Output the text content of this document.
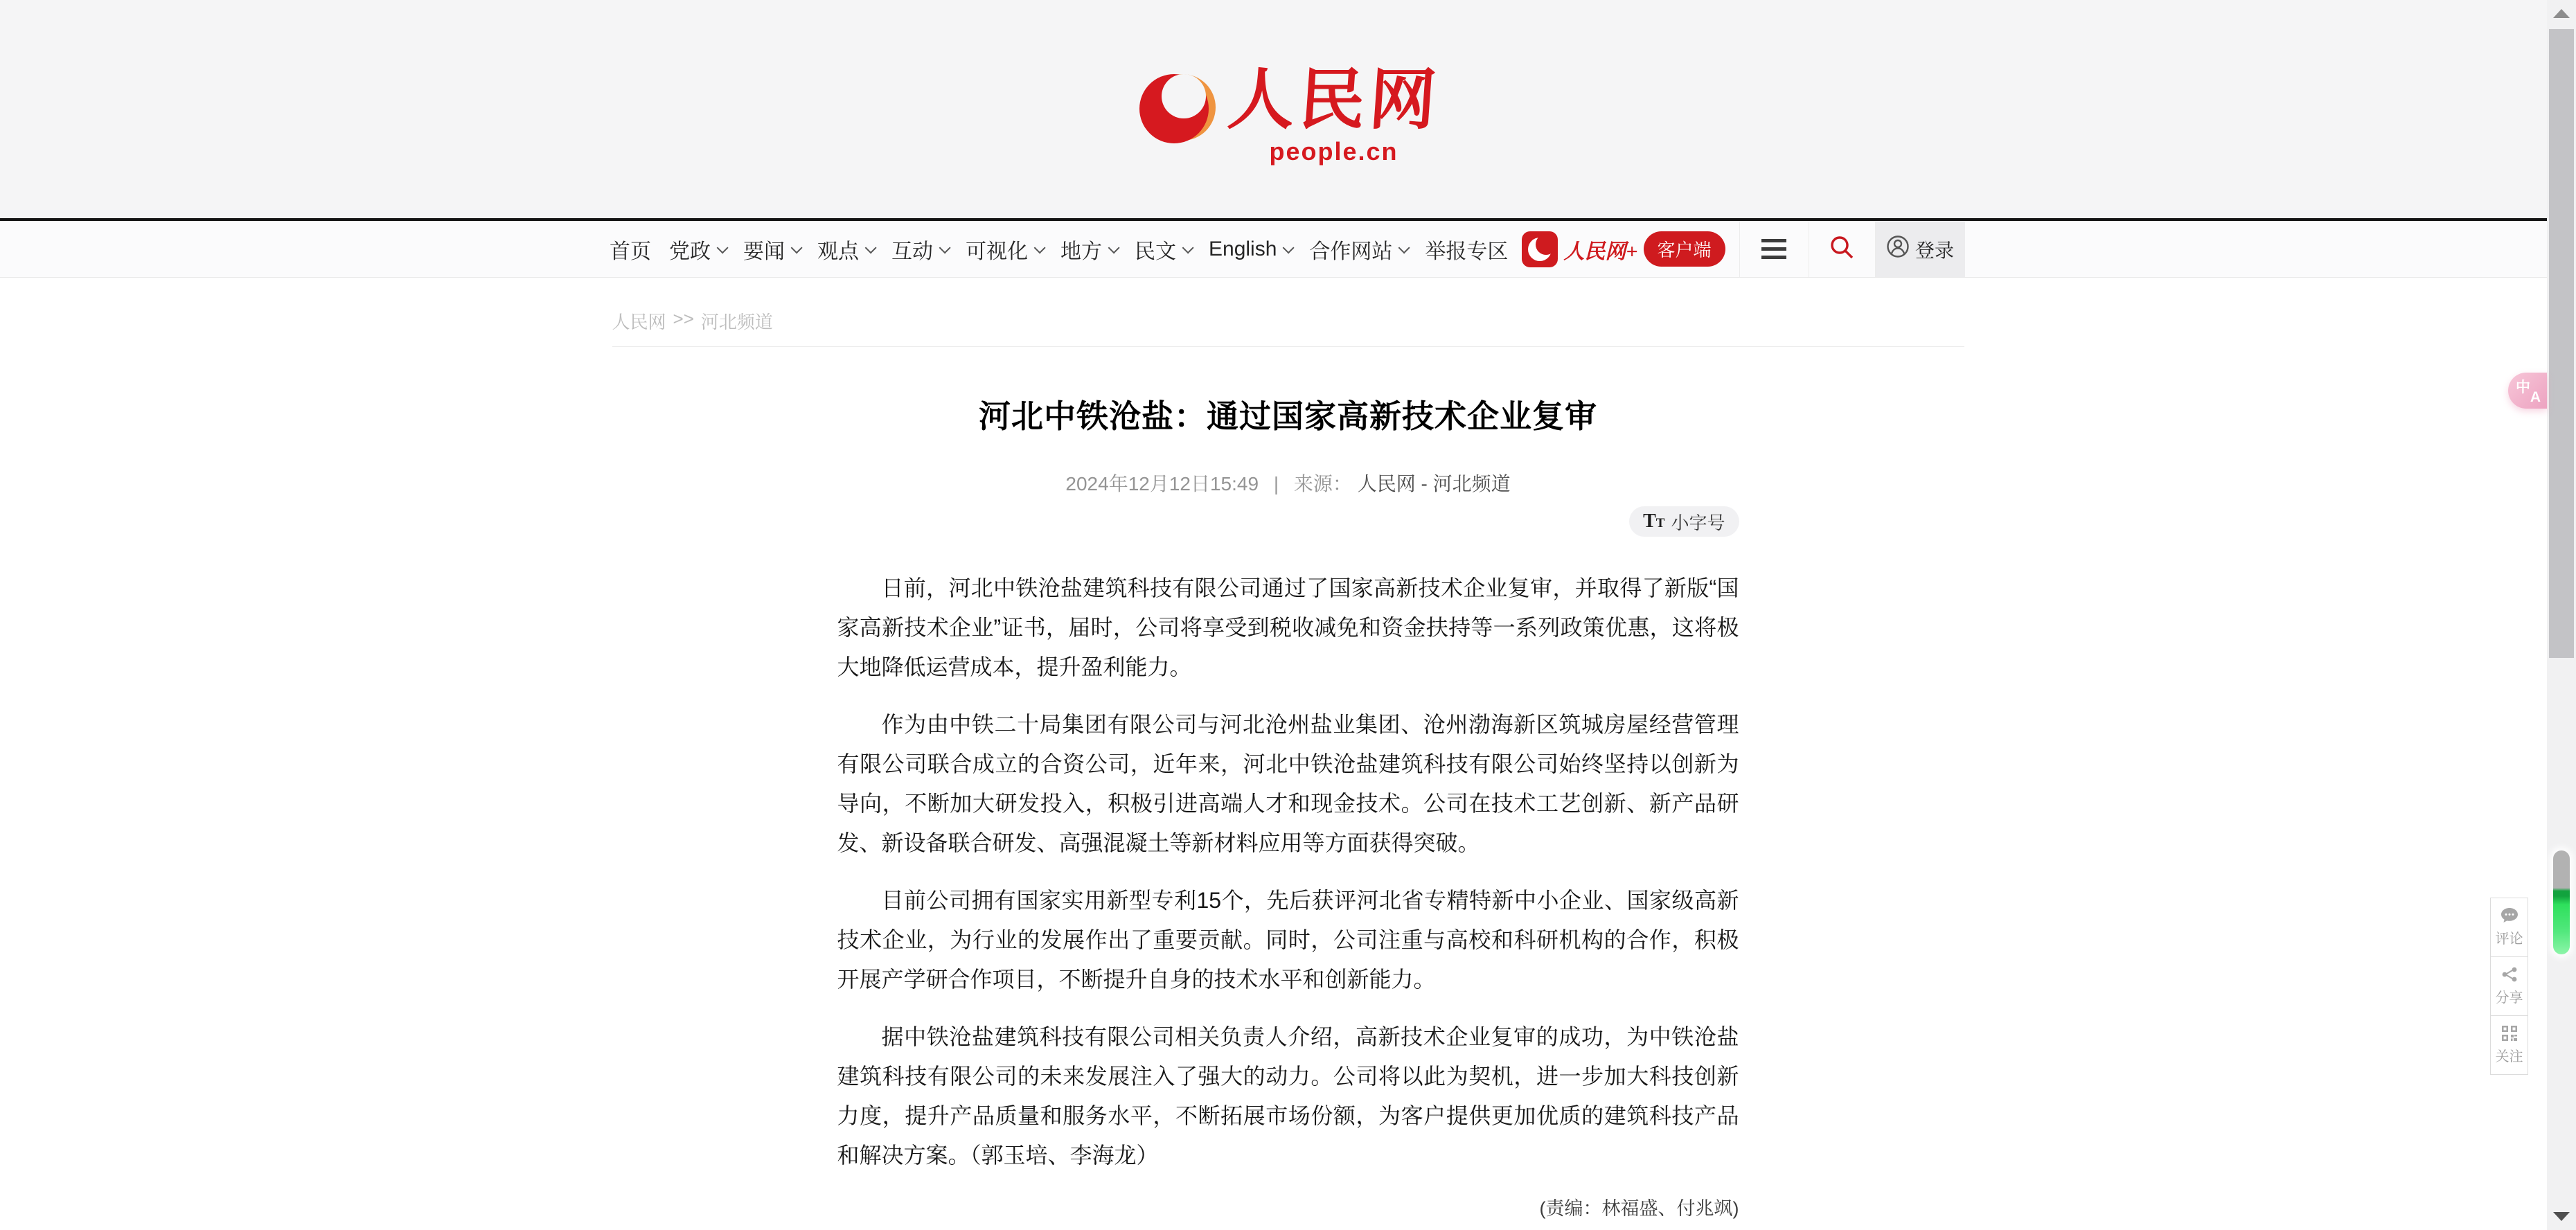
人民网
people.cn
首页 党政 要闻 观点 互动 可视化 地方 民文 English 合作网站 举报专区	人民网+	客户端	登录
人民网 >> 河北频道
河北中铁沧盐：通过国家高新技术企业复审
2024年12月12日15:49 | 来源： 人民网 - 河北频道
T T 小字号

日前，河北中铁沧盐建筑科技有限公司通过了国家高新技术企业复审，并取得了新版“国家高新技术企业”证书，届时，公司将享受到税收减免和资金扶持等一系列政策优惠，这将极大地降低运营成本，提升盈利能力。

作为由中铁二十局集团有限公司与河北沧州盐业集团、沧州渤海新区筑城房屋经营管理有限公司联合成立的合资公司，近年来，河北中铁沧盐建筑科技有限公司始终坚持以创新为导向，不断加大研发投入，积极引进高端人才和现金技术。公司在技术工艺创新、新产品研发、新设备联合研发、高强混凝土等新材料应用等方面获得突破。

目前公司拥有国家实用新型专利15个，先后获评河北省专精特新中小企业、国家级高新技术企业，为行业的发展作出了重要贡献。同时，公司注重与高校和科研机构的合作，积极开展产学研合作项目，不断提升自身的技术水平和创新能力。

据中铁沧盐建筑科技有限公司相关负责人介绍，高新技术企业复审的成功，为中铁沧盐建筑科技有限公司的未来发展注入了强大的动力。公司将以此为契机，进一步加大科技创新力度，提升产品质量和服务水平，不断拓展市场份额，为客户提供更加优质的建筑科技产品和解决方案。（郭玉培、李海龙）

(责编：林福盛、付兆飒)
评论
分享
关注
中
A
